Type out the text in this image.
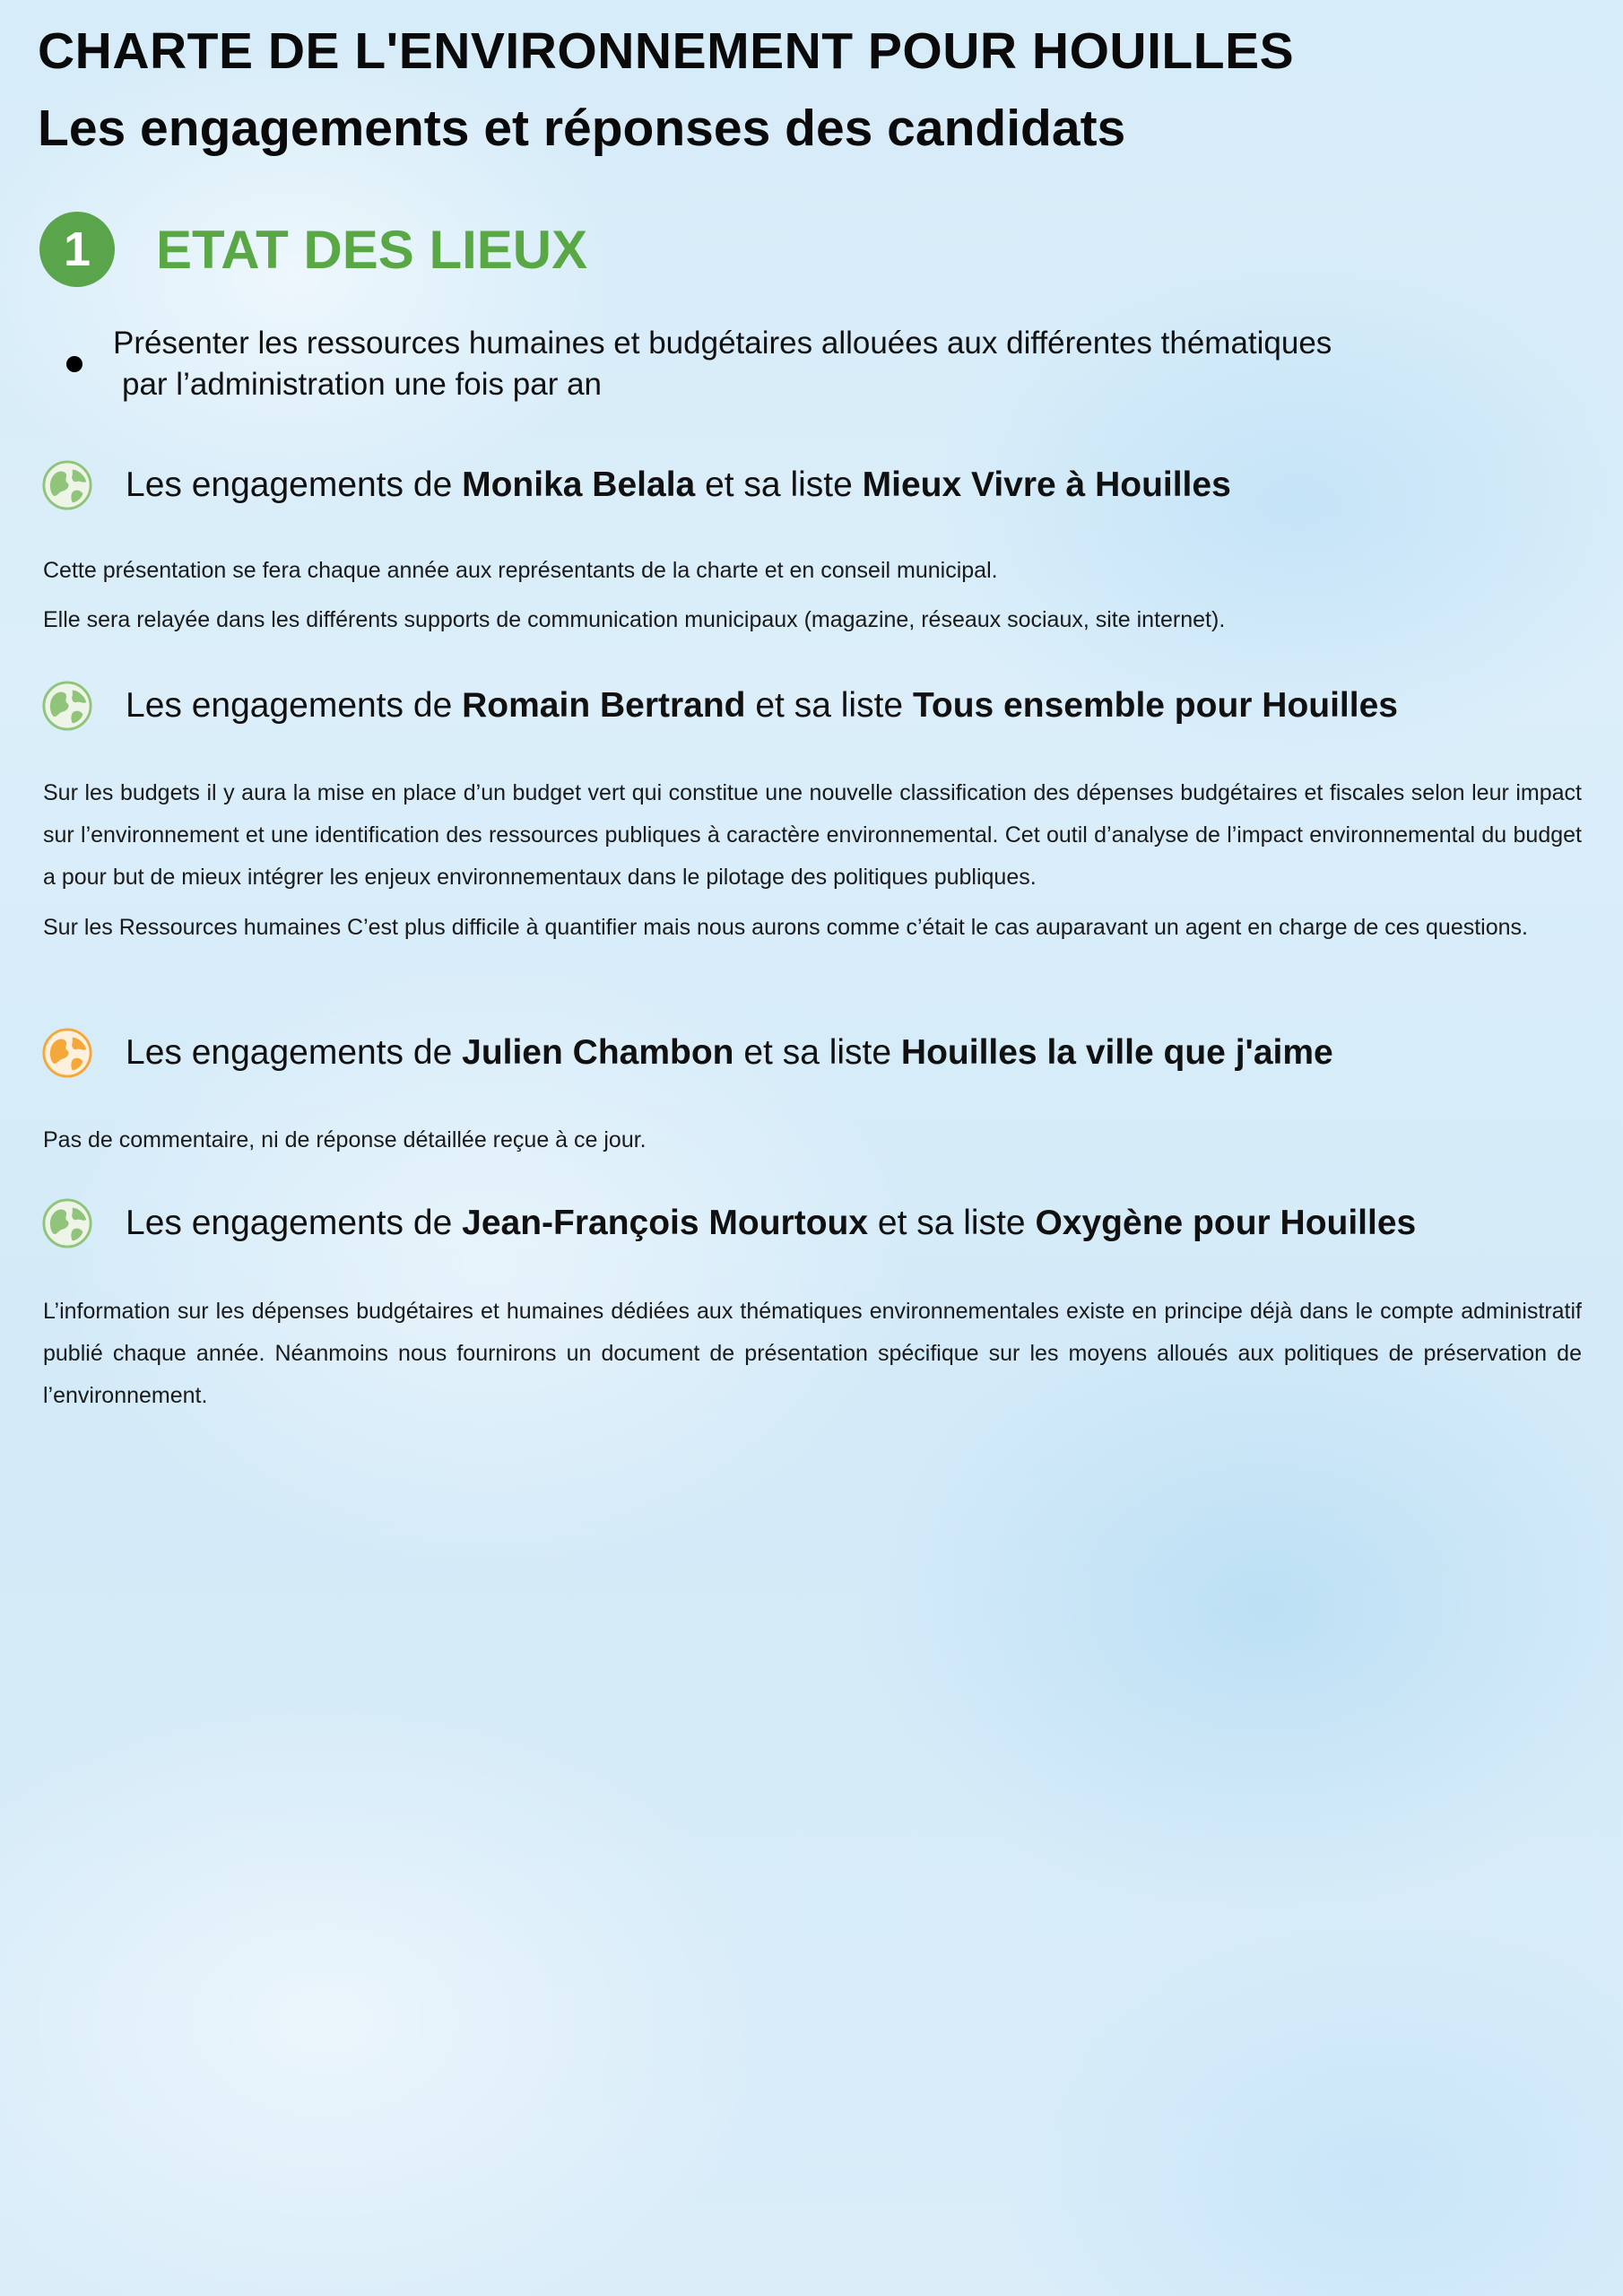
CHARTE DE L'ENVIRONNEMENT POUR HOUILLES
Les engagements et réponses des candidats
1	ETAT DES LIEUX
Présenter les ressources humaines et budgétaires allouées aux différentes thématiques
par l’administration une fois par an
Les engagements de Monika Belala et sa liste Mieux Vivre à Houilles

Cette présentation se fera chaque année aux représentants de la charte et en conseil municipal.

Elle sera relayée dans les différents supports de communication municipaux (magazine, réseaux sociaux, site internet).

Les engagements de Romain Bertrand et sa liste Tous ensemble pour Houilles

Sur les budgets il y aura la mise en place d’un budget vert qui constitue une nouvelle classification des dépenses budgétaires et fiscales selon leur impact sur l’environnement et une identification des ressources publiques à caractère environnemental. Cet outil d’analyse de l’impact environnemental du budget a pour but de mieux intégrer les enjeux environnementaux dans le pilotage des politiques publiques.

Sur les Ressources humaines C’est plus difficile à quantifier mais nous aurons comme c’était le cas auparavant un agent en charge de ces questions.

Les engagements de Julien Chambon et sa liste Houilles la ville que j'aime

Pas de commentaire, ni de réponse détaillée reçue à ce jour.

Les engagements de Jean-François Mourtoux et sa liste Oxygène pour Houilles

L’information sur les dépenses budgétaires et humaines dédiées aux thématiques environnementales existe en principe déjà dans le compte administratif publié chaque année. Néanmoins nous fournirons un document de présentation spécifique sur les moyens alloués aux politiques de préservation de l’environnement.
